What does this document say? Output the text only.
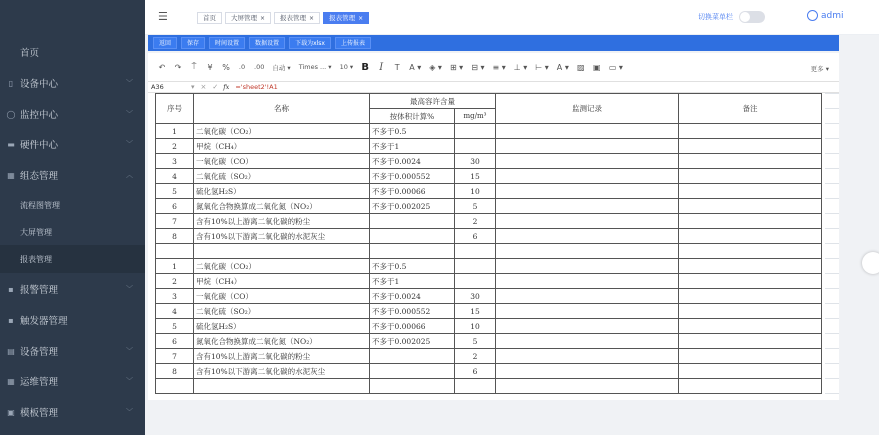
首页
▯ 设备中心	﹀
◯ 监控中心	﹀
▬ 硬件中心	﹀
▦ 组态管理	︿
流程图管理
大屏管理
报表管理
▪ 报警管理	﹀
▪ 触发器管理
▤ 设备管理	﹀
▦ 运维管理	﹀
▣ 模板管理	﹀
☰	首页 大屏管理 × 报表管理 × 报表管理 ×	切换菜单栏	admi
返回	保存	时间设置	数据设置	下载为xlsx	上传报表
↶ ↷ ⍑ ¥ % .0 .00 自动 ▾ Times ... ▾ 10 ▾ B I T A ▾ ◈ ▾ ⊞ ▾ ⊟ ▾ ≡ ▾ ⊥ ▾ ⊢ ▾ A ▾ ▨ ▣ ▭ ▾	更多 ▾
A36	▾ × ✓ fx ='sheet2'!A1
序号	名称	最高容许含量		监测记录	备注
		按体积计算%	mg/m³		
1	二氧化碳（CO₂）	不多于0.5			
2	甲烷（CH₄）	不多于1			
3	一氧化碳（CO）	不多于0.0024	30		
4	二氧化硫（SO₂）	不多于0.000552	15		
5	硫化氢H₂S）	不多于0.00066	10		
6	氮氧化合物换算成二氧化氮（NO₂）	不多于0.002025	5		
7	含有10%以上游离二氧化碳的粉尘		2		
8	含有10%以下游离二氧化碳的水泥灰尘		6		

1	二氧化碳（CO₂）	不多于0.5			
2	甲烷（CH₄）	不多于1			
3	一氧化碳（CO）	不多于0.0024	30		
4	二氧化硫（SO₂）	不多于0.000552	15		
5	硫化氢H₂S）	不多于0.00066	10		
6	氮氧化合物换算成二氧化氮（NO₂）	不多于0.002025	5		
7	含有10%以上游离二氧化碳的粉尘		2		
8	含有10%以下游离二氧化碳的水泥灰尘		6		
